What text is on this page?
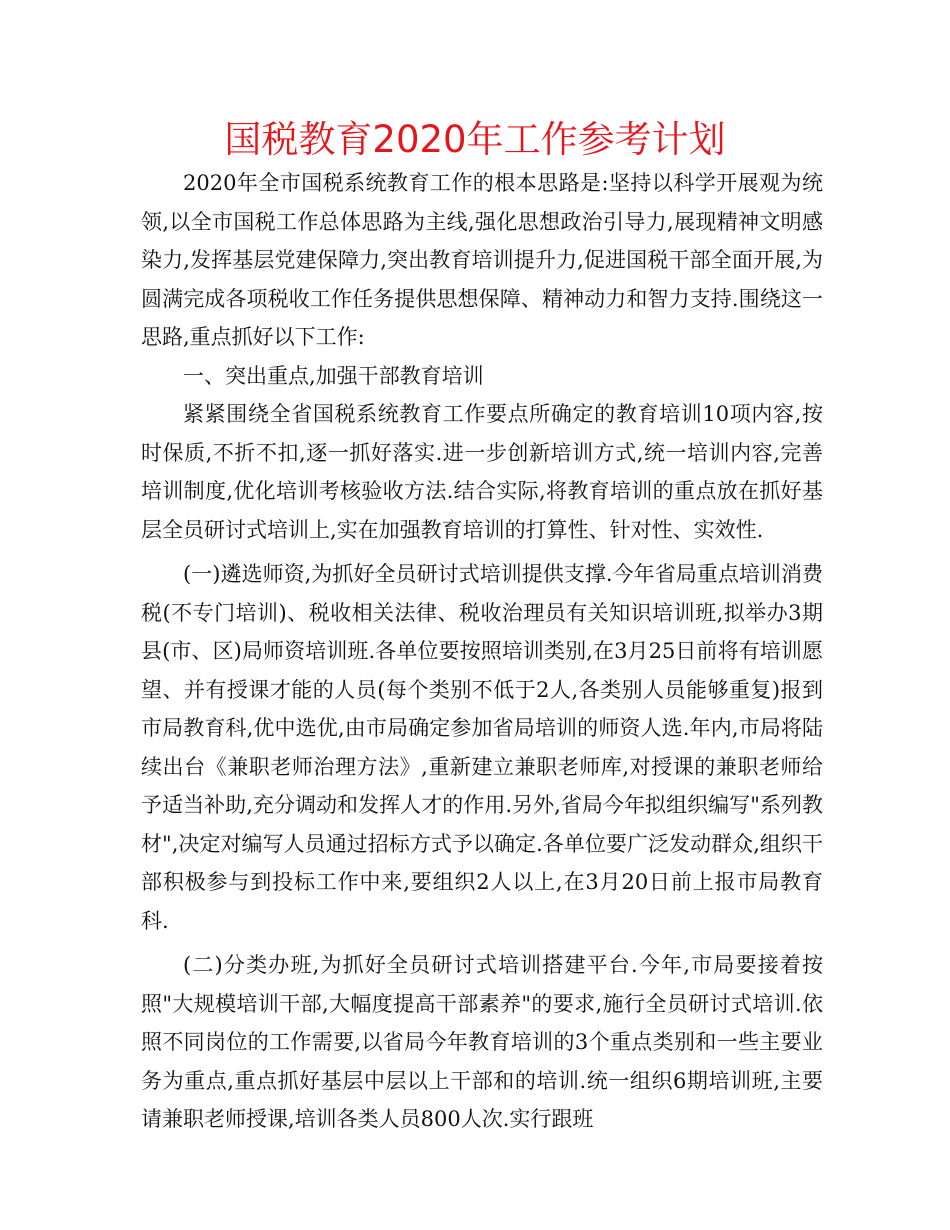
国税教育2020年工作参考计划

2020年全市国税系统教育工作的根本思路是:坚持以科学开展观为统领,以全市国税工作总体思路为主线,强化思想政治引导力,展现精神文明感染力,发挥基层党建保障力,突出教育培训提升力,促进国税干部全面开展,为圆满完成各项税收工作任务提供思想保障、精神动力和智力支持.围绕这一思路,重点抓好以下工作:

一、突出重点,加强干部教育培训

紧紧围绕全省国税系统教育工作要点所确定的教育培训10项内容,按时保质,不折不扣,逐一抓好落实.进一步创新培训方式,统一培训内容,完善培训制度,优化培训考核验收方法.结合实际,将教育培训的重点放在抓好基层全员研讨式培训上,实在加强教育培训的打算性、针对性、实效性.

(一)遴选师资,为抓好全员研讨式培训提供支撑.今年省局重点培训消费税(不专门培训)、税收相关法律、税收治理员有关知识培训班,拟举办3期县(市、区)局师资培训班.各单位要按照培训类别,在3月25日前将有培训愿望、并有授课才能的人员(每个类别不低于2人,各类别人员能够重复)报到市局教育科,优中选优,由市局确定参加省局培训的师资人选.年内,市局将陆续出台《兼职老师治理方法》,重新建立兼职老师库,对授课的兼职老师给予适当补助,充分调动和发挥人才的作用.另外,省局今年拟组织编写"系列教材",决定对编写人员通过招标方式予以确定.各单位要广泛发动群众,组织干部积极参与到投标工作中来,要组织2人以上,在3月20日前上报市局教育科.

(二)分类办班,为抓好全员研讨式培训搭建平台.今年,市局要接着按照"大规模培训干部,大幅度提高干部素养"的要求,施行全员研讨式培训.依照不同岗位的工作需要,以省局今年教育培训的3个重点类别和一些主要业务为重点,重点抓好基层中层以上干部和的培训.统一组织6期培训班,主要请兼职老师授课,培训各类人员800人次.实行跟班
